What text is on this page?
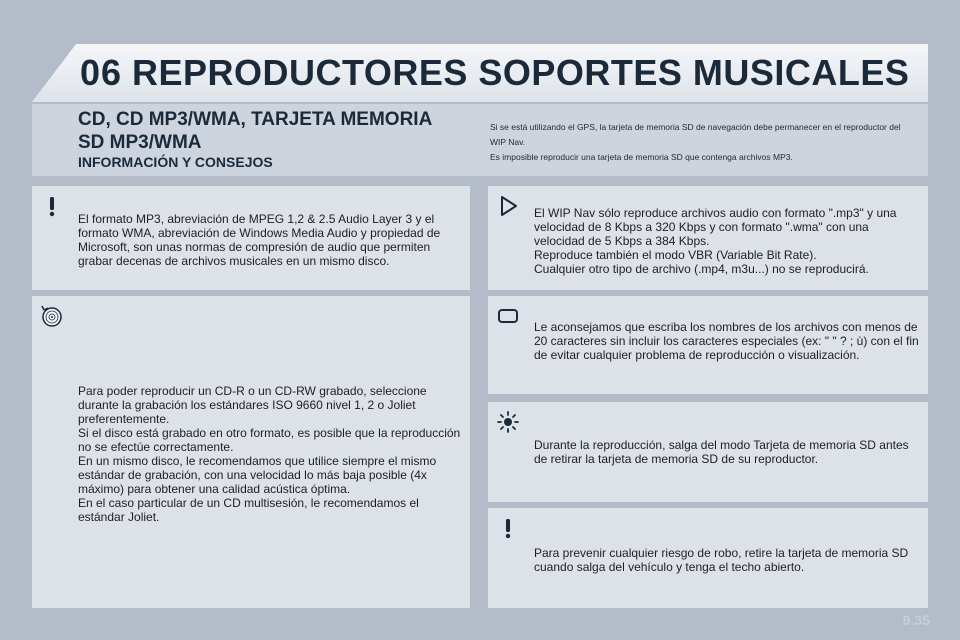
06 REPRODUCTORES SOPORTES MUSICALES
CD, CD MP3/WMA, TARJETA MEMORIA SD MP3/WMA
INFORMACIÓN Y CONSEJOS

Si se está utilizando el GPS, la tarjeta de memoria SD de navegación debe permanecer en el reproductor del WIP Nav.

Es imposible reproducir una tarjeta de memoria SD que contenga archivos MP3.

El formato MP3, abreviación de MPEG 1,2 & 2.5 Audio Layer 3 y el formato WMA, abreviación de Windows Media Audio y propiedad de Microsoft, son unas normas de compresión de audio que permiten grabar decenas de archivos musicales en un mismo disco.

El WIP Nav sólo reproduce archivos audio con formato ".mp3" y una velocidad de 8 Kbps a 320 Kbps y con formato ".wma" con una velocidad de 5 Kbps a 384 Kbps.

Reproduce también el modo VBR (Variable Bit Rate).

Cualquier otro tipo de archivo (.mp4, m3u...) no se reproducirá.

Para poder reproducir un CD-R o un CD-RW grabado, seleccione durante la grabación los estándares ISO 9660 nivel 1, 2 o Joliet preferentemente.

Si el disco está grabado en otro formato, es posible que la reproducción no se efectúe correctamente.

En un mismo disco, le recomendamos que utilice siempre el mismo estándar de grabación, con una velocidad lo más baja posible (4x máximo) para obtener una calidad acústica óptima.

En el caso particular de un CD multisesión, le recomendamos el estándar Joliet.

Le aconsejamos que escriba los nombres de los archivos con menos de 20 caracteres sin incluir los caracteres especiales (ex: " " ? ; ù) con el fin de evitar cualquier problema de reproducción o visualización.

Durante la reproducción, salga del modo Tarjeta de memoria SD antes de retirar la tarjeta de memoria SD de su reproductor.

Para prevenir cualquier riesgo de robo, retire la tarjeta de memoria SD cuando salga del vehículo y tenga el techo abierto.

9.35
